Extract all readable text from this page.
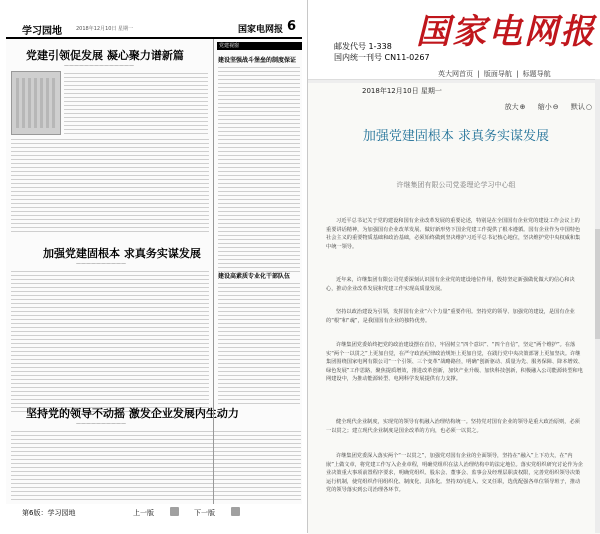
学习园地	2018年12月10日 星期一	国家电网报 6
党建引领促发展 凝心聚力谱新篇
——————————————
加强党建固根本 求真务实谋发展
——————————
坚持党的领导不动摇 激发企业发展内生动力
——————————
党建视窗
建设坚强战斗堡垒的制度保证
建设高素质专业化干部队伍
第6版：学习园地	上一版	下一版
邮发代号 1-338
国内统一刊号 CN11-0267
国家电网报
英大网首页 | 版面导航 | 标题导航
2018年12月10日 星期一
放大⊕ 缩小⊖ 默认○
加强党建固根本 求真务实谋发展
许继集团有限公司党委理论学习中心组
习近平总书记关于党的建设和国有企业改革发展的重要论述，特别是在全国国有企业党的建设工作会议上的重要讲话精神，为加强国有企业改革发展、做好新形势下国企党建工作提供了根本遵循。国有企业作为中国特色社会主义的重要物质基础和政治基础，必须始终做到坚决维护习近平总书记核心地位，坚决维护党中央权威和集中统一领导。
近年来，许继集团有限公司党委深刻认识国有企业党的建设地位作用，殷持坚定新强做优做大的信心和决心，推动企业改革发展和党建工作实现高质量发展。
坚持以政治建设为引领，发挥国有企业“六个力量”重要作用。坚持党的领导、加强党的建设，是国有企业的“根”和“魂”，是我国国有企业的独特优势。
许继集团党委始终把党的政治建设摆在首位，牢固树立“四个意识”、“四个自信”，坚定“两个维护”。在落实“两个一以贯之”上更加自觉，在严守政治纪律政治规矩上更加自觉，在践行党中央决策部署上更加坚决。许继集团围绕国家电网有限公司“一个引领、三个变革”战略路径，明确“创新驱动、质量为先、服务保障、降本增效、绿色发展”工作思路，聚焦提质增效，推进改革创新，加快产业升级、加快科技创新，积极融入公司能源转型和电网建设中，为推动能源转型、电网科学发展提供有力支撑。
健全现代企业制度，实现党的领导有机融入治理结构统一。坚持党对国有企业的领导是重大政治原则，必须一以贯之；建立现代企业制度是国企改革的方向，也必须一以贯之。
许继集团党委深入落实两个“一以贯之”，加强党对国有企业的全面领导，坚持在“融入”上下功夫，在“内嵌”上做文章，将党建工作写入企业章程，明确党组织在法人治理结构中的法定地位。落实党组织研究讨论作为企业决策重大事项前置程序要求，明确党组织、股东会、董事会、监事会及经理层职责权限，完善党组织领导决策运行机制，使党组织作用组织化、制度化、具体化。坚持双向进入、交叉任职，选优配强各单位领导班子，推动党的领导落实到公司治理各环节。
